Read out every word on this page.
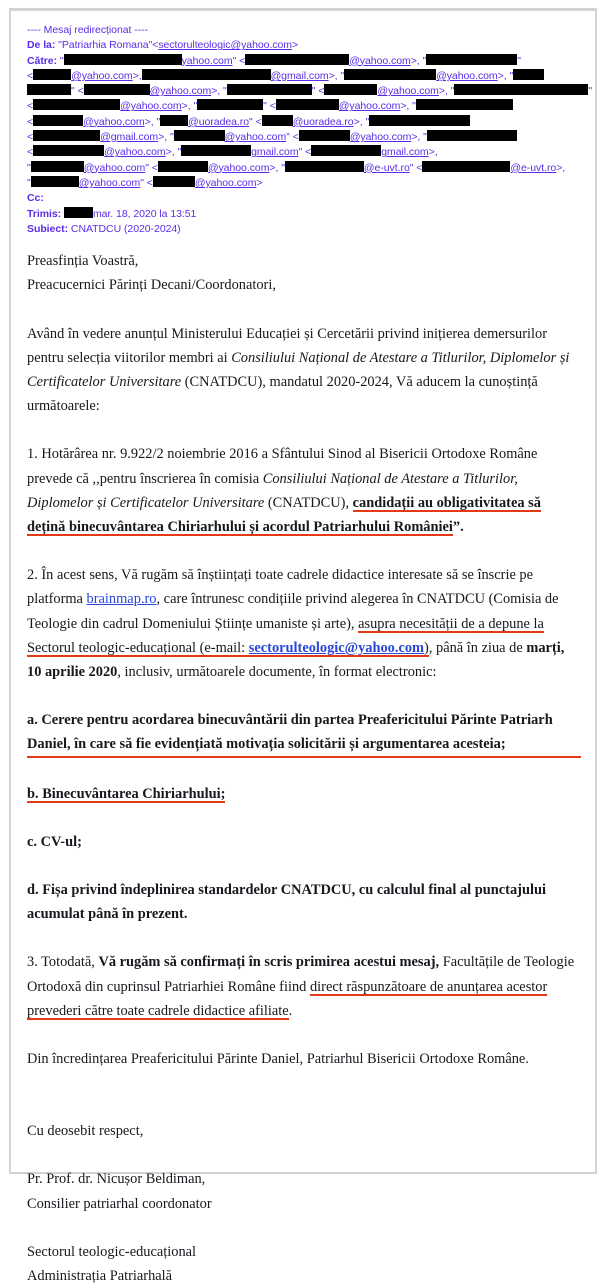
---- Mesaj redirecționat ----
De la: "Patriarhia Romana"<sectorulteologic@yahoo.com>
Către: "	yahoo.com" <	@yahoo.com>, "	"
<	@yahoo.com>,	@gmail.com>, "	@yahoo.com>, "
" <	@yahoo.com>, "	" <	@yahoo.com>, "	"
<	@yahoo.com>, "	" <	@yahoo.com>, "
<	@yahoo.com>, "	@uoradea.ro" <	@uoradea.ro>, "
<	@gmail.com>, "	@yahoo.com" <	@yahoo.com>, "
<	@yahoo.com>, "	gmail.com" <	gmail.com>,
"	@yahoo.com" <	@yahoo.com>, "	@e-uvt.ro" <	@e-uvt.ro>,
"	@yahoo.com" <	@yahoo.com>
Cc:
Trimis:	mar. 18, 2020 la 13:51
Subiect: CNATDCU (2020-2024)

Preasfinția Voastră,

Preacucernici Părinți Decani/Coordonatori,

Având în vedere anunțul Ministerului Educației și Cercetării privind inițierea demersurilor pentru selecția viitorilor membri ai Consiliului Național de Atestare a Titlurilor, Diplomelor și Certificatelor Universitare (CNATDCU), mandatul 2020-2024, Vă aducem la cunoștință următoarele:

1. Hotărârea nr. 9.922/2 noiembrie 2016 a Sfântului Sinod al Bisericii Ortodoxe Române prevede că ,,pentru înscrierea în comisia Consiliului Național de Atestare a Titlurilor, Diplomelor și Certificatelor Universitare (CNATDCU), candidații au obligativitatea să dețină binecuvântarea Chiriarhului și acordul Patriarhului României”.

2. În acest sens, Vă rugăm să înștiințați toate cadrele didactice interesate să se înscrie pe platforma brainmap.ro, care întrunesc condițiile privind alegerea în CNATDCU (Comisia de Teologie din cadrul Domeniului Științe umaniste și arte), asupra necesității de a depune la Sectorul teologic-educațional (e-mail: sectorulteologic@yahoo.com), până în ziua de marți, 10 aprilie 2020, inclusiv, următoarele documente, în format electronic:

a. Cerere pentru acordarea binecuvântării din partea Preafericitului Părinte Patriarh Daniel, în care să fie evidențiată motivația solicitării și argumentarea acesteia;

b. Binecuvântarea Chiriarhului;

c. CV-ul;

d. Fișa privind îndeplinirea standardelor CNATDCU, cu calculul final al punctajului acumulat până în prezent.

3. Totodată, Vă rugăm să confirmați în scris primirea acestui mesaj, Facultățile de Teologie Ortodoxă din cuprinsul Patriarhiei Române fiind direct răspunzătoare de anunțarea acestor prevederi către toate cadrele didactice afiliate.

Din încredințarea Preafericitului Părinte Daniel, Patriarhul Bisericii Ortodoxe Române.

Cu deosebit respect,

Pr. Prof. dr. Nicușor Beldiman,

Consilier patriarhal coordonator

Sectorul teologic-educațional

Administrația Patriarhală
